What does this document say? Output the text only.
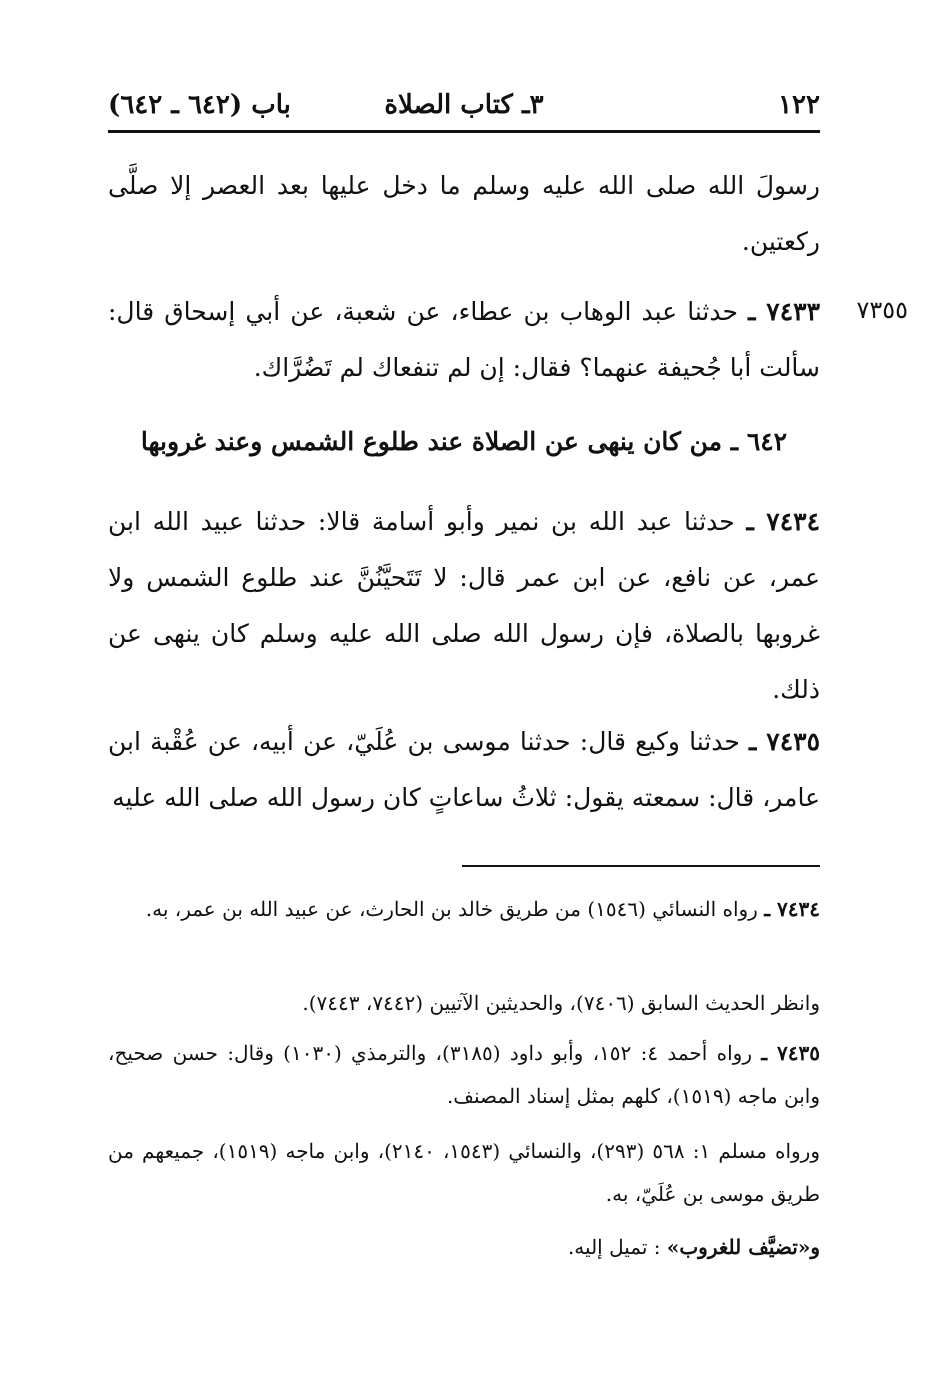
١٢٢
٣ـ كتاب الصلاة
باب (٦٤٢ ـ ٦٤٢)
٧٣٥٥

رسولَ الله صلى الله عليه وسلم ما دخل عليها بعد العصر إلا صلَّى ركعتين.

٧٤٣٣ ـ حدثنا عبد الوهاب بن عطاء، عن شعبة، عن أبي إسحاق قال: سألت أبا جُحيفة عنهما؟ فقال: إن لم تنفعاك لم تَضُرَّاك.

٦٤٢ ـ من كان ينهى عن الصلاة عند طلوع الشمس وعند غروبها

٧٤٣٤ ـ حدثنا عبد الله بن نمير وأبو أسامة قالا: حدثنا عبيد الله ابن عمر، عن نافع، عن ابن عمر قال: لا تَتَحيَّنُنَّ عند طلوع الشمس ولا غروبها بالصلاة، فإن رسول الله صلى الله عليه وسلم كان ينهى عن ذلك.

٧٤٣٥ ـ حدثنا وكيع قال: حدثنا موسى بن عُلَيّ، عن أبيه، عن عُقْبة ابن عامر، قال: سمعته يقول: ثلاثُ ساعاتٍ كان رسول الله صلى الله عليه

٧٤٣٤ ـ رواه النسائي (١٥٤٦) من طريق خالد بن الحارث، عن عبيد الله بن عمر، به.

وانظر الحديث السابق (٧٤٠٦)، والحديثين الآتيين (٧٤٤٢، ٧٤٤٣).

٧٤٣٥ ـ رواه أحمد ٤: ١٥٢، وأبو داود (٣١٨٥)، والترمذي (١٠٣٠) وقال: حسن صحيح، وابن ماجه (١٥١٩)، كلهم بمثل إسناد المصنف.

ورواه مسلم ١: ٥٦٨ (٢٩٣)، والنسائي (١٥٤٣، ٢١٤٠)، وابن ماجه (١٥١٩)، جميعهم من طريق موسى بن عُلَيّ، به.

و«تضيَّف للغروب» : تميل إليه.
